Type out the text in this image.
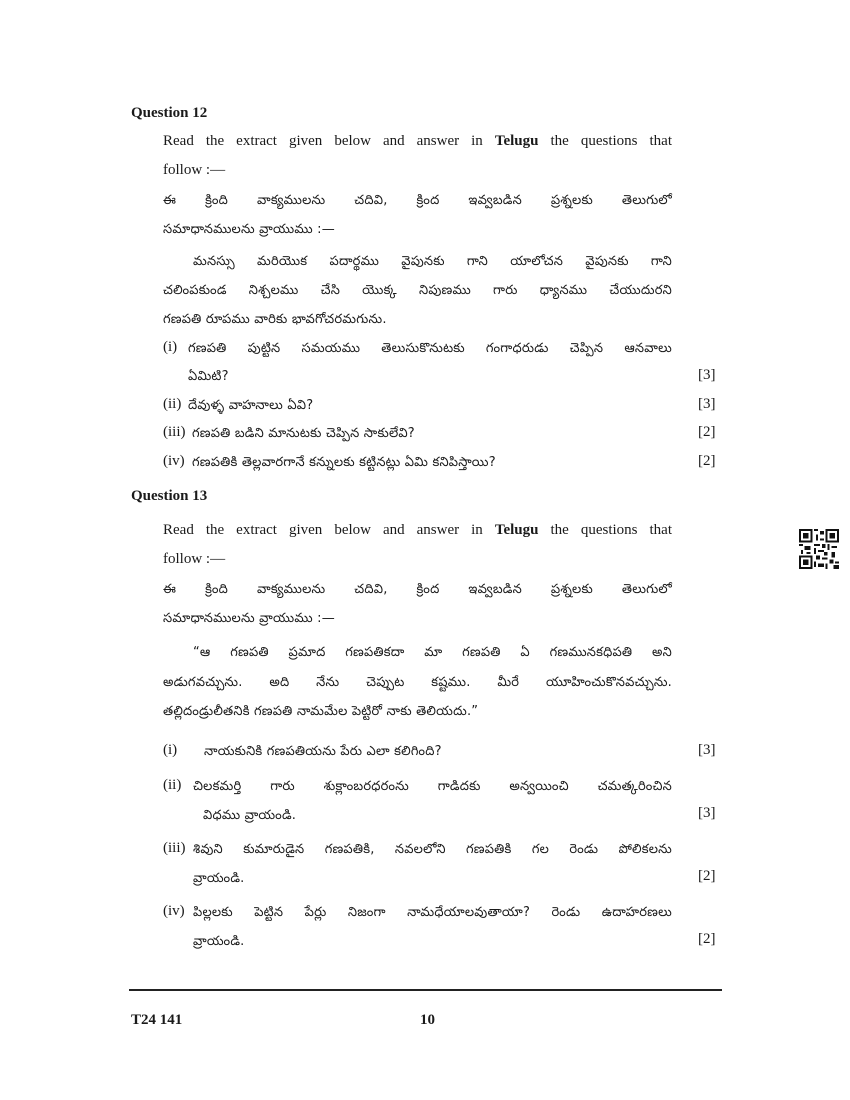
Question 12
Read the extract given below and answer in Telugu the questions that
follow :—
ఈ క్రింది వాక్యములను చదివి, క్రింద ఇవ్వబడిన ప్రశ్నలకు తెలుగులో
సమాధానములను వ్రాయుము :—
మనస్సు మరియొక పదార్థము వైపునకు గాని యాలోచన వైపునకు గాని
చలింపకుండ నిశ్చలము చేసి యొక్క నిపుణము గారు ధ్యానము చేయుదురని
గణపతి రూపము వారికు భావగోచరమగును.
(i) గణపతి పుట్టిన సమయము తెలుసుకొనుటకు గంగాధరుడు చెప్పిన ఆనవాలు
ఏమిటి?	[3]
(ii) దేవుళ్ళ వాహనాలు ఏవి?	[3]
(iii) గణపతి బడిని మానుటకు చెప్పిన సాకులేవి?	[2]
(iv) గణపతికి తెల్లవారగానే కన్నులకు కట్టినట్లు ఏమి కనిపిస్తాయి?	[2]
Question 13
Read the extract given below and answer in Telugu the questions that
follow :—
ఈ క్రింది వాక్యములను చదివి, క్రింద ఇవ్వబడిన ప్రశ్నలకు తెలుగులో
సమాధానములను వ్రాయుము :—
“ఆ గణపతి ప్రమాద గణపతికదా మా గణపతి ఏ గణమునకధిపతి అని
అడుగవచ్చును. అది నేను చెప్పుట కష్టము. మీరే యూహించుకొనవచ్చును.
తల్లిదండ్రులీతనికి గణపతి నామమేల పెట్టిరో నాకు తెలియదు.”
(i) నాయకునికి గణపతియను పేరు ఎలా కలిగింది?	[3]
(ii) చిలకమర్తి గారు శుక్లాంబరధరంను గాడిదకు అన్వయించి చమత్కరించిన
విధము వ్రాయండి.	[3]
(iii) శివుని కుమారుడైన గణపతికి, నవలలోని గణపతికి గల రెండు పోలికలను
వ్రాయండి.	[2]
(iv) పిల్లలకు పెట్టిన పేర్లు నిజంగా నామధేయాలవుతాయా? రెండు ఉదాహరణలు
వ్రాయండి.	[2]
T24 141	10
